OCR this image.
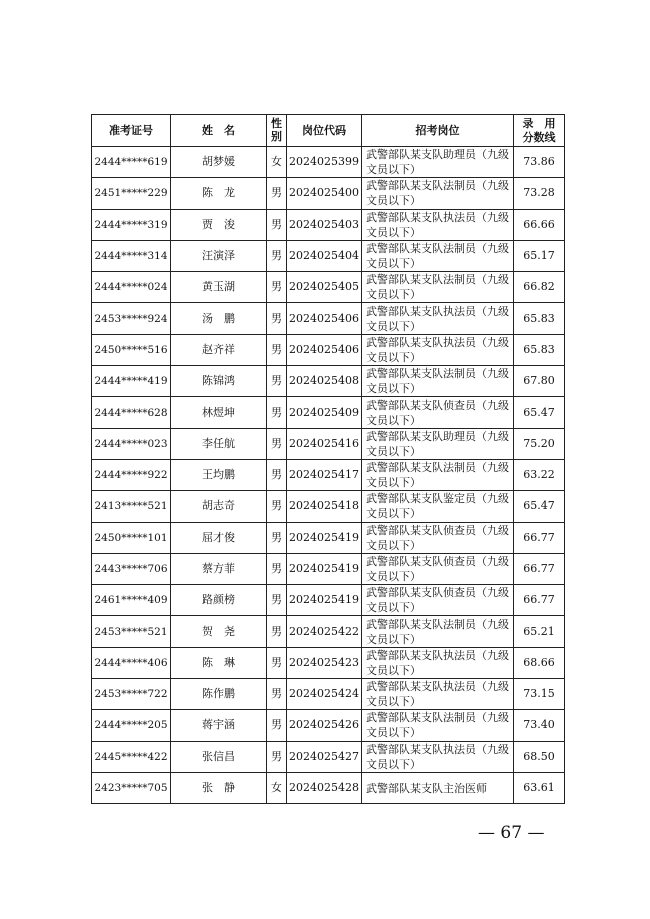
准考证号	姓　名	性别	岗位代码	招考岗位	录　用分数线
2444*****619	胡梦媛	女	2024025399	武警部队某支队助理员（九级文员以下）	73.86
2451*****229	陈　龙	男	2024025400	武警部队某支队法制员（九级文员以下）	73.28
2444*****319	贾　浚	男	2024025403	武警部队某支队执法员（九级文员以下）	66.66
2444*****314	汪演泽	男	2024025404	武警部队某支队法制员（九级文员以下）	65.17
2444*****024	黄玉湖	男	2024025405	武警部队某支队法制员（九级文员以下）	66.82
2453*****924	汤　鹏	男	2024025406	武警部队某支队执法员（九级文员以下）	65.83
2450*****516	赵齐祥	男	2024025406	武警部队某支队执法员（九级文员以下）	65.83
2444*****419	陈锦鸿	男	2024025408	武警部队某支队法制员（九级文员以下）	67.80
2444*****628	林煜坤	男	2024025409	武警部队某支队侦查员（九级文员以下）	65.47
2444*****023	李任航	男	2024025416	武警部队某支队助理员（九级文员以下）	75.20
2444*****922	王均鹏	男	2024025417	武警部队某支队法制员（九级文员以下）	63.22
2413*****521	胡志奇	男	2024025418	武警部队某支队鉴定员（九级文员以下）	65.47
2450*****101	屈才俊	男	2024025419	武警部队某支队侦查员（九级文员以下）	66.77
2443*****706	蔡方菲	男	2024025419	武警部队某支队侦查员（九级文员以下）	66.77
2461*****409	路颜榜	男	2024025419	武警部队某支队侦查员（九级文员以下）	66.77
2453*****521	贺　尧	男	2024025422	武警部队某支队法制员（九级文员以下）	65.21
2444*****406	陈　琳	男	2024025423	武警部队某支队执法员（九级文员以下）	68.66
2453*****722	陈作鹏	男	2024025424	武警部队某支队执法员（九级文员以下）	73.15
2444*****205	蒋宇涵	男	2024025426	武警部队某支队法制员（九级文员以下）	73.40
2445*****422	张信昌	男	2024025427	武警部队某支队执法员（九级文员以下）	68.50
2423*****705	张　静	女	2024025428	武警部队某支队主治医师	63.61
— 67 —
